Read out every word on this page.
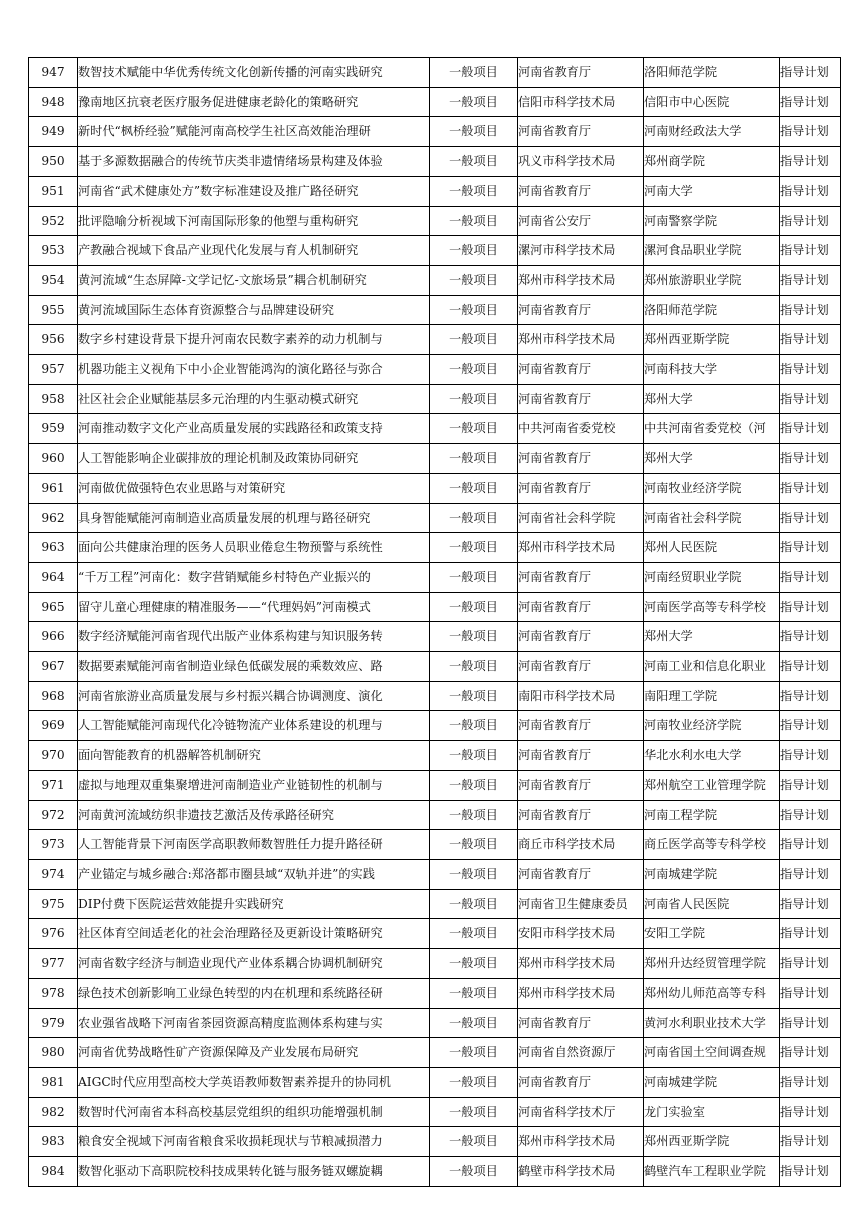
947	数智技术赋能中华优秀传统文化创新传播的河南实践研究	一般项目	河南省教育厅	洛阳师范学院	指导计划
948	豫南地区抗衰老医疗服务促进健康老龄化的策略研究	一般项目	信阳市科学技术局	信阳市中心医院	指导计划
949	新时代“枫桥经验”赋能河南高校学生社区高效能治理研	一般项目	河南省教育厅	河南财经政法大学	指导计划
950	基于多源数据融合的传统节庆类非遗情绪场景构建及体验	一般项目	巩义市科学技术局	郑州商学院	指导计划
951	河南省“武术健康处方”数字标准建设及推广路径研究	一般项目	河南省教育厅	河南大学	指导计划
952	批评隐喻分析视域下河南国际形象的他塑与重构研究	一般项目	河南省公安厅	河南警察学院	指导计划
953	产教融合视域下食品产业现代化发展与育人机制研究	一般项目	漯河市科学技术局	漯河食品职业学院	指导计划
954	黄河流域“生态屏障-文学记忆-文旅场景”耦合机制研究	一般项目	郑州市科学技术局	郑州旅游职业学院	指导计划
955	黄河流域国际生态体育资源整合与品牌建设研究	一般项目	河南省教育厅	洛阳师范学院	指导计划
956	数字乡村建设背景下提升河南农民数字素养的动力机制与	一般项目	郑州市科学技术局	郑州西亚斯学院	指导计划
957	机器功能主义视角下中小企业智能鸿沟的演化路径与弥合	一般项目	河南省教育厅	河南科技大学	指导计划
958	社区社会企业赋能基层多元治理的内生驱动模式研究	一般项目	河南省教育厅	郑州大学	指导计划
959	河南推动数字文化产业高质量发展的实践路径和政策支持	一般项目	中共河南省委党校	中共河南省委党校（河	指导计划
960	人工智能影响企业碳排放的理论机制及政策协同研究	一般项目	河南省教育厅	郑州大学	指导计划
961	河南做优做强特色农业思路与对策研究	一般项目	河南省教育厅	河南牧业经济学院	指导计划
962	具身智能赋能河南制造业高质量发展的机理与路径研究	一般项目	河南省社会科学院	河南省社会科学院	指导计划
963	面向公共健康治理的医务人员职业倦怠生物预警与系统性	一般项目	郑州市科学技术局	郑州人民医院	指导计划
964	“千万工程”河南化：数字营销赋能乡村特色产业振兴的	一般项目	河南省教育厅	河南经贸职业学院	指导计划
965	留守儿童心理健康的精准服务——“代理妈妈”河南模式	一般项目	河南省教育厅	河南医学高等专科学校	指导计划
966	数字经济赋能河南省现代出版产业体系构建与知识服务转	一般项目	河南省教育厅	郑州大学	指导计划
967	数据要素赋能河南省制造业绿色低碳发展的乘数效应、路	一般项目	河南省教育厅	河南工业和信息化职业	指导计划
968	河南省旅游业高质量发展与乡村振兴耦合协调测度、演化	一般项目	南阳市科学技术局	南阳理工学院	指导计划
969	人工智能赋能河南现代化冷链物流产业体系建设的机理与	一般项目	河南省教育厅	河南牧业经济学院	指导计划
970	面向智能教育的机器解答机制研究	一般项目	河南省教育厅	华北水利水电大学	指导计划
971	虚拟与地理双重集聚增进河南制造业产业链韧性的机制与	一般项目	河南省教育厅	郑州航空工业管理学院	指导计划
972	河南黄河流域纺织非遗技艺激活及传承路径研究	一般项目	河南省教育厅	河南工程学院	指导计划
973	人工智能背景下河南医学高职教师数智胜任力提升路径研	一般项目	商丘市科学技术局	商丘医学高等专科学校	指导计划
974	产业锚定与城乡融合:郑洛都市圈县域“双轨并进”的实践	一般项目	河南省教育厅	河南城建学院	指导计划
975	DIP付费下医院运营效能提升实践研究	一般项目	河南省卫生健康委员	河南省人民医院	指导计划
976	社区体育空间适老化的社会治理路径及更新设计策略研究	一般项目	安阳市科学技术局	安阳工学院	指导计划
977	河南省数字经济与制造业现代产业体系耦合协调机制研究	一般项目	郑州市科学技术局	郑州升达经贸管理学院	指导计划
978	绿色技术创新影响工业绿色转型的内在机理和系统路径研	一般项目	郑州市科学技术局	郑州幼儿师范高等专科	指导计划
979	农业强省战略下河南省茶园资源高精度监测体系构建与实	一般项目	河南省教育厅	黄河水利职业技术大学	指导计划
980	河南省优势战略性矿产资源保障及产业发展布局研究	一般项目	河南省自然资源厅	河南省国土空间调查规	指导计划
981	AIGC时代应用型高校大学英语教师数智素养提升的协同机	一般项目	河南省教育厅	河南城建学院	指导计划
982	数智时代河南省本科高校基层党组织的组织功能增强机制	一般项目	河南省科学技术厅	龙门实验室	指导计划
983	粮食安全视域下河南省粮食采收损耗现状与节粮减损潜力	一般项目	郑州市科学技术局	郑州西亚斯学院	指导计划
984	数智化驱动下高职院校科技成果转化链与服务链双螺旋耦	一般项目	鹤壁市科学技术局	鹤壁汽车工程职业学院	指导计划
